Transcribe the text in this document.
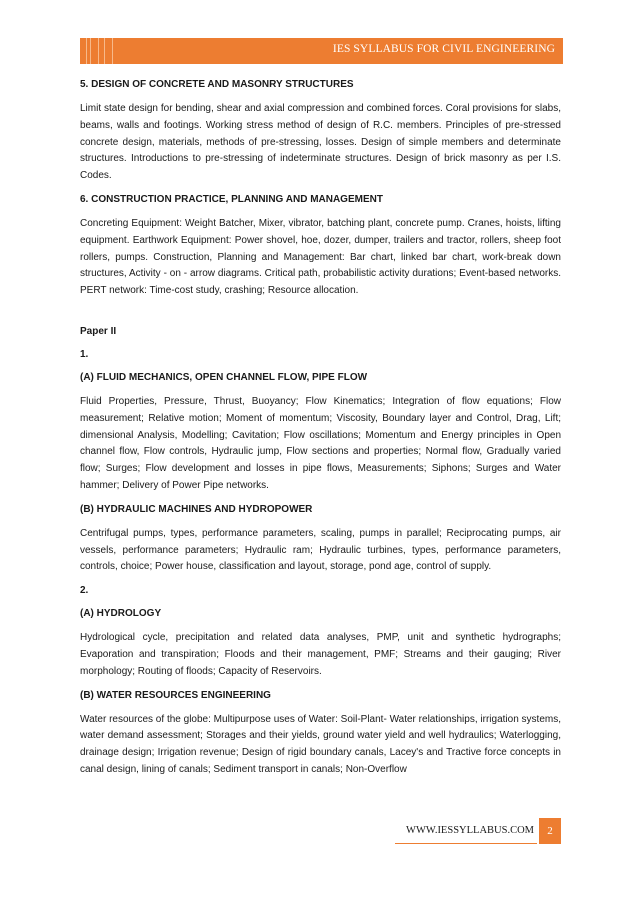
IES SYLLABUS FOR CIVIL ENGINEERING
5. DESIGN OF CONCRETE AND MASONRY STRUCTURES
Limit state design for bending, shear and axial compression and combined forces. Coral provisions for slabs, beams, walls and footings. Working stress method of design of R.C. members. Principles of pre-stressed concrete design, materials, methods of pre-stressing, losses. Design of simple members and determinate structures. Introductions to pre-stressing of indeterminate structures. Design of brick masonry as per I.S. Codes.
6. CONSTRUCTION PRACTICE, PLANNING AND MANAGEMENT
Concreting Equipment: Weight Batcher, Mixer, vibrator, batching plant, concrete pump. Cranes, hoists, lifting equipment. Earthwork Equipment: Power shovel, hoe, dozer, dumper, trailers and tractor, rollers, sheep foot rollers, pumps. Construction, Planning and Management: Bar chart, linked bar chart, work-break down structures, Activity - on - arrow diagrams. Critical path, probabilistic activity durations; Event-based networks. PERT network: Time-cost study, crashing; Resource allocation.
Paper II
1.
(A) FLUID MECHANICS, OPEN CHANNEL FLOW, PIPE FLOW
Fluid Properties, Pressure, Thrust, Buoyancy; Flow Kinematics; Integration of flow equations; Flow measurement; Relative motion; Moment of momentum; Viscosity, Boundary layer and Control, Drag, Lift; dimensional Analysis, Modelling; Cavitation; Flow oscillations; Momentum and Energy principles in Open channel flow, Flow controls, Hydraulic jump, Flow sections and properties; Normal flow, Gradually varied flow; Surges; Flow development and losses in pipe flows, Measurements; Siphons; Surges and Water hammer; Delivery of Power Pipe networks.
(B) HYDRAULIC MACHINES AND HYDROPOWER
Centrifugal pumps, types, performance parameters, scaling, pumps in parallel; Reciprocating pumps, air vessels, performance parameters; Hydraulic ram; Hydraulic turbines, types, performance parameters, controls, choice; Power house, classification and layout, storage, pond age, control of supply.
2.
(A) HYDROLOGY
Hydrological cycle, precipitation and related data analyses, PMP, unit and synthetic hydrographs; Evaporation and transpiration; Floods and their management, PMF; Streams and their gauging; River morphology; Routing of floods; Capacity of Reservoirs.
(B) WATER RESOURCES ENGINEERING
Water resources of the globe: Multipurpose uses of Water: Soil-Plant- Water relationships, irrigation systems, water demand assessment; Storages and their yields, ground water yield and well hydraulics; Waterlogging, drainage design; Irrigation revenue; Design of rigid boundary canals, Lacey's and Tractive force concepts in canal design, lining of canals; Sediment transport in canals; Non-Overflow
WWW.IESSYLLABUS.COM	2
